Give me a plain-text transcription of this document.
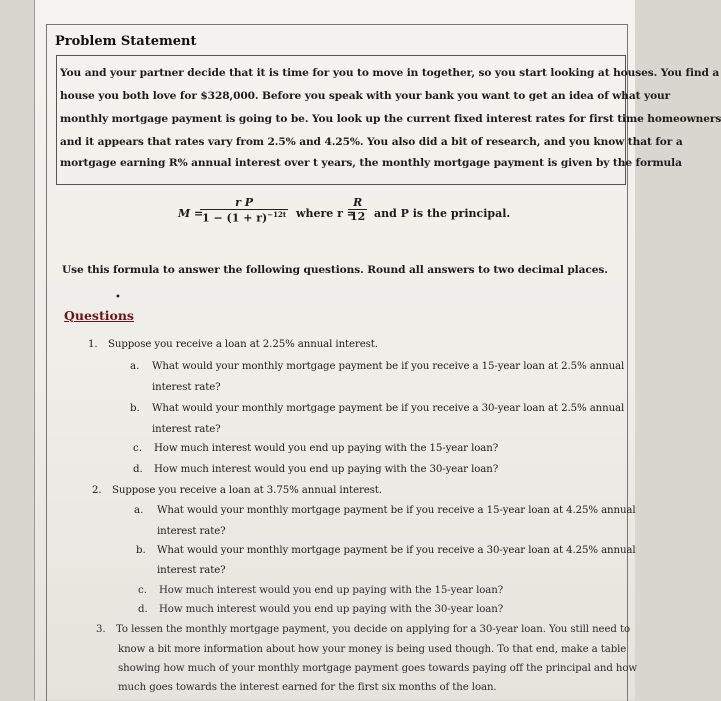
Problem Statement
You and your partner decide that it is time for you to move in together, so you start looking at houses. You find a
house you both love for $328,000. Before you speak with your bank you want to get an idea of what your
monthly mortgage payment is going to be. You look up the current fixed interest rates for first time homeowners
and it appears that rates vary from 2.5% and 4.25%. You also did a bit of research, and you know that for a
mortgage earning R% annual interest over t years, the monthly mortgage payment is given by the formula
M =
$\frac{\text{r P}}{1 - (1 + r)^{-12t}}$ where r =
$\frac{R}{12}$ and P is the principal.
Use this formula to answer the following questions. Round all answers to two decimal places.
•
Questions
1. Suppose you receive a loan at 2.25% annual interest.
a. What would your monthly mortgage payment be if you receive a 15-year loan at 2.5% annual
interest rate?
b. What would your monthly mortgage payment be if you receive a 30-year loan at 2.5% annual
interest rate?
c. How much interest would you end up paying with the 15-year loan?
d. How much interest would you end up paying with the 30-year loan?
2. Suppose you receive a loan at 3.75% annual interest.
a. What would your monthly mortgage payment be if you receive a 15-year loan at 4.25% annual
interest rate?
b. What would your monthly mortgage payment be if you receive a 30-year loan at 4.25% annual
interest rate?
c. How much interest would you end up paying with the 15-year loan?
d. How much interest would you end up paying with the 30-year loan?
3. To lessen the monthly mortgage payment, you decide on applying for a 30-year loan. You still need to
know a bit more information about how your money is being used though. To that end, make a table
showing how much of your monthly mortgage payment goes towards paying off the principal and how
much goes towards the interest earned for the first six months of the loan.
